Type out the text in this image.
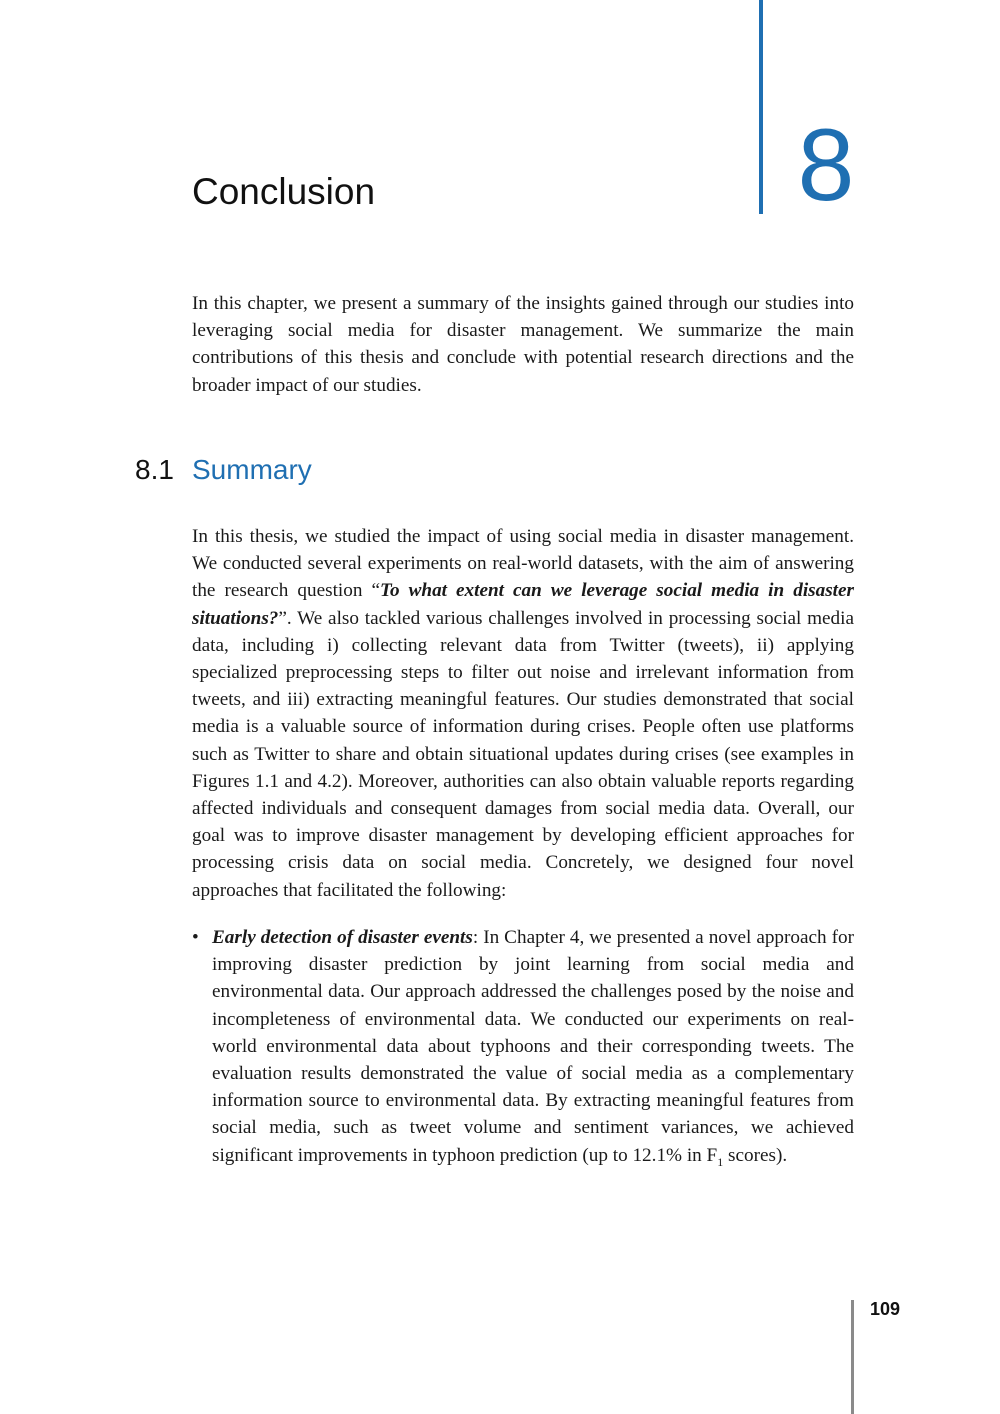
8
Conclusion

In this chapter, we present a summary of the insights gained through our studies into leveraging social media for disaster management. We summarize the main contributions of this thesis and conclude with potential research directions and the broader impact of our studies.

8.1 Summary

In this thesis, we studied the impact of using social media in disaster management. We conducted several experiments on real-world datasets, with the aim of answering the research question “To what extent can we leverage social media in disaster situations?”. We also tackled various challenges involved in processing social media data, including i) collecting relevant data from Twitter (tweets), ii) applying specialized preprocessing steps to filter out noise and irrelevant information from tweets, and iii) extracting meaningful features. Our studies demonstrated that social media is a valuable source of information during crises. People often use platforms such as Twitter to share and obtain situational updates during crises (see examples in Figures 1.1 and 4.2). Moreover, authorities can also obtain valuable reports regarding affected individuals and consequent damages from social media data. Overall, our goal was to improve disaster management by developing efficient approaches for processing crisis data on social media. Concretely, we designed four novel approaches that facilitated the following:

• Early detection of disaster events: In Chapter 4, we presented a novel approach for improving disaster prediction by joint learning from social media and environmental data. Our approach addressed the challenges posed by the noise and incompleteness of environmental data. We conducted our experiments on real-world environmental data about typhoons and their corresponding tweets. The evaluation results demonstrated the value of social media as a complementary information source to environmental data. By extracting meaningful features from social media, such as tweet volume and sentiment variances, we achieved significant improvements in typhoon prediction (up to 12.1% in $F_1$ scores).
109
